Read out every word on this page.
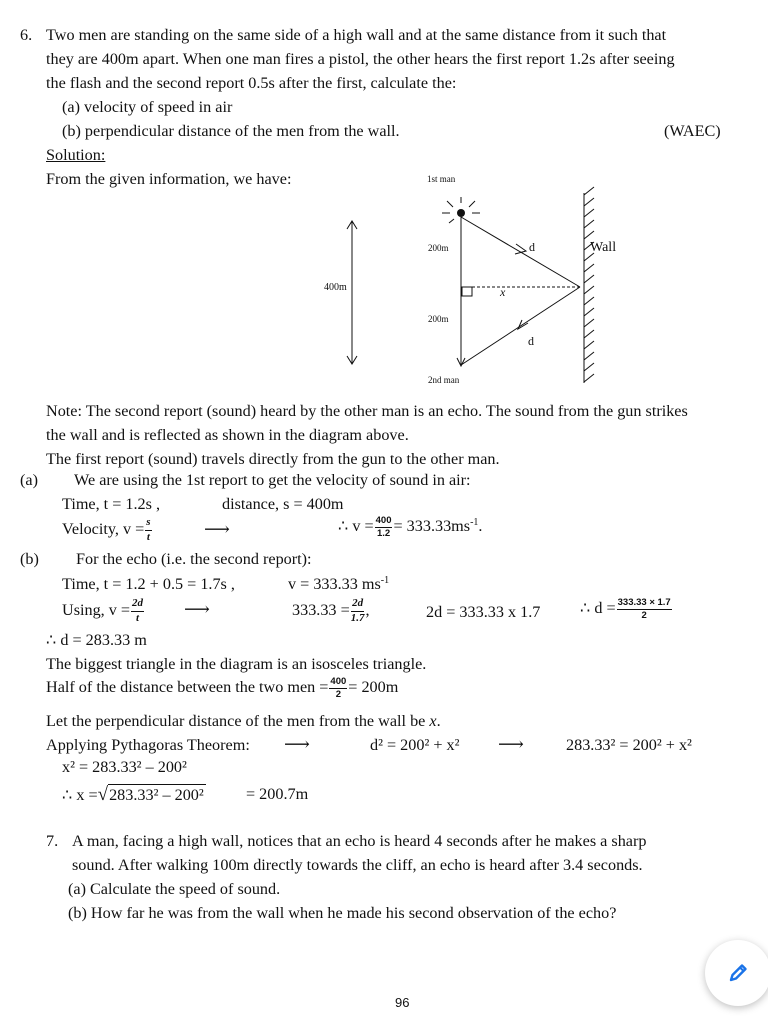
6. Two men are standing on the same side of a high wall and at the same distance from it such that
they are 400m apart. When one man fires a pistol, the other hears the first report 1.2s after seeing
the flash and the second report 0.5s after the first, calculate the:
(a) velocity of speed in air
(b) perpendicular distance of the men from the wall.	(WAEC)
Solution:
From the given information, we have:
400m
1st man
200m
200m
d
d
x
2nd man
Wall
Note: The second report (sound) heard by the other man is an echo. The sound from the gun strikes
the wall and is reflected as shown in the diagram above.
The first report (sound) travels directly from the gun to the other man.
(a) We are using the 1st report to get the velocity of sound in air:
Time, t = 1.2s ,	distance, s = 400m
Velocity, $v = \frac{s}{t}$	⟶	∴ $v = \frac{400}{1.2} = 333.33ms^{-1}$.
(b) For the echo (i.e. the second report):
Time, t = 1.2 + 0.5 = 1.7s ,	v = 333.33 $ms^{-1}$
Using, $v = \frac{2d}{t}$ ⟶	$333.33 = \frac{2d}{1.7}$ ,	2d = 333.33 x 1.7 ∴ $d = \frac{333.33 \times 1.7}{2}$
∴ d = 283.33 m
The biggest triangle in the diagram is an isosceles triangle.
Half of the distance between the two men = $\frac{400}{2} = 200m$
Let the perpendicular distance of the men from the wall be x.
Applying Pythagoras Theorem: ⟶	d² = 200² + x² ⟶	283.33² = 200² + x²
x² = 283.33² – 200²
∴ x =√283.33² – 200²	= 200.7m
7. A man, facing a high wall, notices that an echo is heard 4 seconds after he makes a sharp
sound. After walking 100m directly towards the cliff, an echo is heard after 3.4 seconds.
(a) Calculate the speed of sound.
(b) How far he was from the wall when he made his second observation of the echo?
96
